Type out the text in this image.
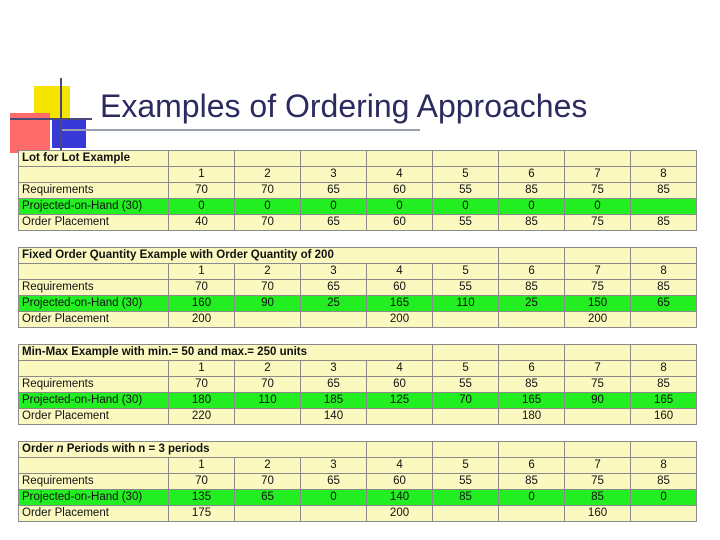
Examples of Ordering Approaches
Lot for Lot Example								
	1	2	3	4	5	6	7	8
Requirements	70	70	65	60	55	85	75	85
Projected-on-Hand (30)	0	0	0	0	0	0	0	
Order Placement	40	70	65	60	55	85	75	85
Fixed Order Quantity Example with Order Quantity of 200								
	1	2	3	4	5	6	7	8
Requirements	70	70	65	60	55	85	75	85
Projected-on-Hand (30)	160	90	25	165	110	25	150	65
Order Placement	200			200			200	
Min-Max Example with min.= 50 and max.= 250 units								
	1	2	3	4	5	6	7	8
Requirements	70	70	65	60	55	85	75	85
Projected-on-Hand (30)	180	110	185	125	70	165	90	165
Order Placement	220		140			180		160
Order n Periods with n = 3 periods								
	1	2	3	4	5	6	7	8
Requirements	70	70	65	60	55	85	75	85
Projected-on-Hand (30)	135	65	0	140	85	0	85	0
Order Placement	175			200			160	
